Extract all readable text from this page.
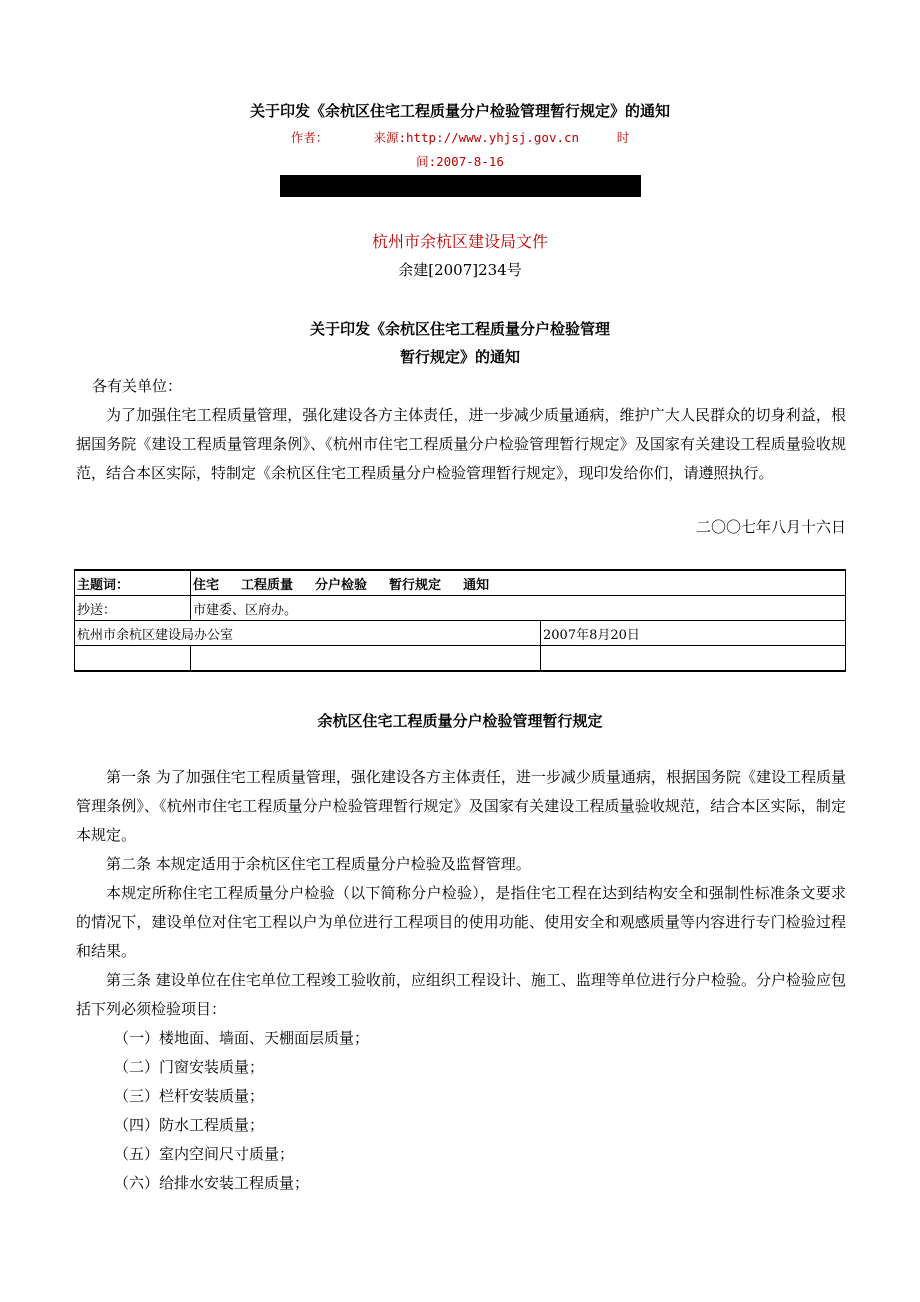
关于印发《余杭区住宅工程质量分户检验管理暂行规定》的通知
作者：	来源:http://www.yhjsj.gov.cn	时
间:2007-8-16
杭州市余杭区建设局文件
余建[2007]234号
关于印发《余杭区住宅工程质量分户检验管理
暂行规定》的通知
各有关单位：
为了加强住宅工程质量管理，强化建设各方主体责任，进一步减少质量通病，维护广大人民群众的切身利益，根据国务院《建设工程质量管理条例》、《杭州市住宅工程质量分户检验管理暂行规定》及国家有关建设工程质量验收规范，结合本区实际，特制定《余杭区住宅工程质量分户检验管理暂行规定》，现印发给你们，请遵照执行。
二〇〇七年八月十六日
主题词：	住宅 工程质量 分户检验 暂行规定 通知	
抄送：	市建委、区府办。	
杭州市余杭区建设局办公室		2007年8月20日

余杭区住宅工程质量分户检验管理暂行规定

第一条 为了加强住宅工程质量管理，强化建设各方主体责任，进一步减少质量通病，根据国务院《建设工程质量管理条例》、《杭州市住宅工程质量分户检验管理暂行规定》及国家有关建设工程质量验收规范，结合本区实际，制定本规定。

第二条 本规定适用于余杭区住宅工程质量分户检验及监督管理。

本规定所称住宅工程质量分户检验（以下简称分户检验），是指住宅工程在达到结构安全和强制性标准条文要求的情况下，建设单位对住宅工程以户为单位进行工程项目的使用功能、使用安全和观感质量等内容进行专门检验过程和结果。

第三条 建设单位在住宅单位工程竣工验收前，应组织工程设计、施工、监理等单位进行分户检验。分户检验应包括下列必须检验项目：

（一）楼地面、墙面、天棚面层质量；

（二）门窗安装质量；

（三）栏杆安装质量；

（四）防水工程质量；

（五）室内空间尺寸质量；

（六）给排水安装工程质量；
